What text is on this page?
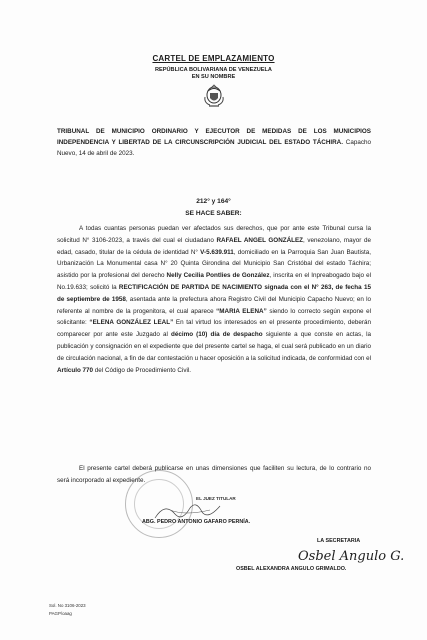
CARTEL DE EMPLAZAMIENTO
REPÚBLICA BOLIVARIANA DE VENEZUELA
EN SU NOMBRE
TRIBUNAL DE MUNICIPIO ORDINARIO Y EJECUTOR DE MEDIDAS DE LOS MUNICIPIOS INDEPENDENCIA Y LIBERTAD DE LA CIRCUNSCRIPCIÓN JUDICIAL DEL ESTADO TÁCHIRA. Capacho Nuevo, 14 de abril de 2023.
212° y 164°
SE HACE SABER:
A todas cuantas personas puedan ver afectados sus derechos, que por ante este Tribunal cursa la solicitud N° 3106-2023, a través del cual el ciudadano RAFAEL ANGEL GONZÁLEZ, venezolano, mayor de edad, casado, titular de la cédula de identidad N° V-5.639.911, domiciliado en la Parroquia San Juan Bautista, Urbanización La Monumental casa N° 20 Quinta Girondina del Municipio San Cristóbal del estado Táchira; asistido por la profesional del derecho Nelly Cecilia Pontlies de González, inscrita en el Inpreabogado bajo el No.19.633; solicitó la RECTIFICACIÓN DE PARTIDA DE NACIMIENTO signada con el N° 263, de fecha 15 de septiembre de 1958, asentada ante la prefectura ahora Registro Civil del Municipio Capacho Nuevo; en lo referente al nombre de la progenitora, el cual aparece “MARIA ELENA” siendo lo correcto según expone el solicitante: “ELENA GONZÁLEZ LEAL” En tal virtud los interesados en el presente procedimiento, deberán comparecer por ante este Juzgado al décimo (10) día de despacho siguiente a que conste en actas, la publicación y consignación en el expediente que del presente cartel se haga, el cual será publicado en un diario de circulación nacional, a fin de dar contestación u hacer oposición a la solicitud indicada, de conformidad con el Artículo 770 del Código de Procedimiento Civil.
El presente cartel deberá publicarse en unas dimensiones que faciliten su lectura, de lo contrario no será incorporado al expediente.
EL JUEZ TITULAR
ABG. PEDRO ANTONIO GAFARO PERNÍA.
LA SECRETARIA
Osbel Angulo G.
OSBEL ALEXANDRA ANGULO GRIMALDO.
Sol. No 3106-2023
PAGP/oaag
